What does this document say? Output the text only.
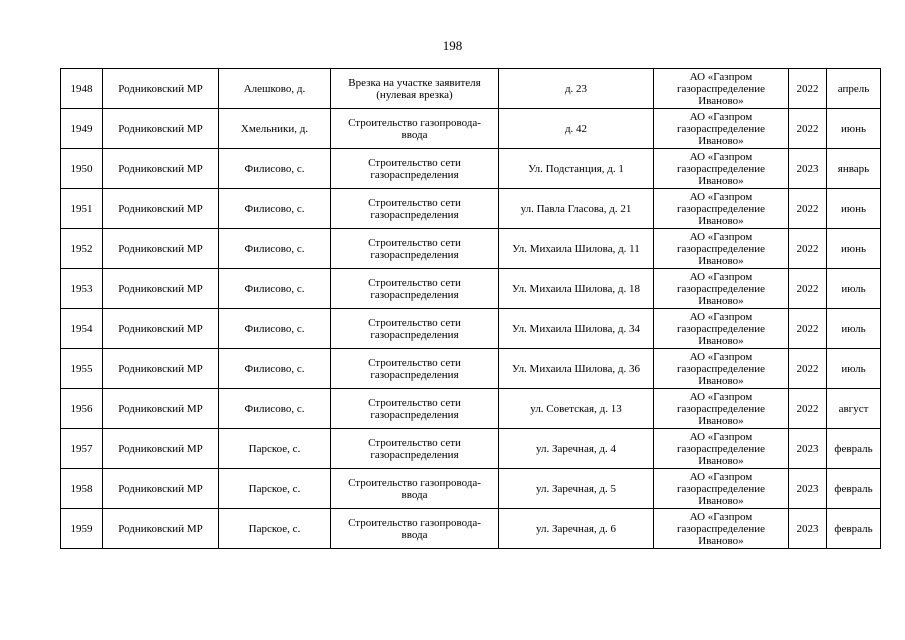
198
1948	Родниковский МР	Алешково, д.	Врезка на участке заявителя
(нулевая врезка)	д. 23	АО «Газпром
газораспределение
Иваново»	2022	апрель
1949	Родниковский МР	Хмельники, д.	Строительство газопровода-
ввода	д. 42	АО «Газпром
газораспределение
Иваново»	2022	июнь
1950	Родниковский МР	Филисово, с.	Строительство сети
газораспределения	Ул. Подстанция, д. 1	АО «Газпром
газораспределение
Иваново»	2023	январь
1951	Родниковский МР	Филисово, с.	Строительство сети
газораспределения	ул. Павла Гласова, д. 21	АО «Газпром
газораспределение
Иваново»	2022	июнь
1952	Родниковский МР	Филисово, с.	Строительство сети
газораспределения	Ул. Михаила Шилова, д. 11	АО «Газпром
газораспределение
Иваново»	2022	июнь
1953	Родниковский МР	Филисово, с.	Строительство сети
газораспределения	Ул. Михаила Шилова, д. 18	АО «Газпром
газораспределение
Иваново»	2022	июль
1954	Родниковский МР	Филисово, с.	Строительство сети
газораспределения	Ул. Михаила Шилова, д. 34	АО «Газпром
газораспределение
Иваново»	2022	июль
1955	Родниковский МР	Филисово, с.	Строительство сети
газораспределения	Ул. Михаила Шилова, д. 36	АО «Газпром
газораспределение
Иваново»	2022	июль
1956	Родниковский МР	Филисово, с.	Строительство сети
газораспределения	ул. Советская, д. 13	АО «Газпром
газораспределение
Иваново»	2022	август
1957	Родниковский МР	Парское, с.	Строительство сети
газораспределения	ул. Заречная, д. 4	АО «Газпром
газораспределение
Иваново»	2023	февраль
1958	Родниковский МР	Парское, с.	Строительство газопровода-
ввода	ул. Заречная, д. 5	АО «Газпром
газораспределение
Иваново»	2023	февраль
1959	Родниковский МР	Парское, с.	Строительство газопровода-
ввода	ул. Заречная, д. 6	АО «Газпром
газораспределение
Иваново»	2023	февраль
